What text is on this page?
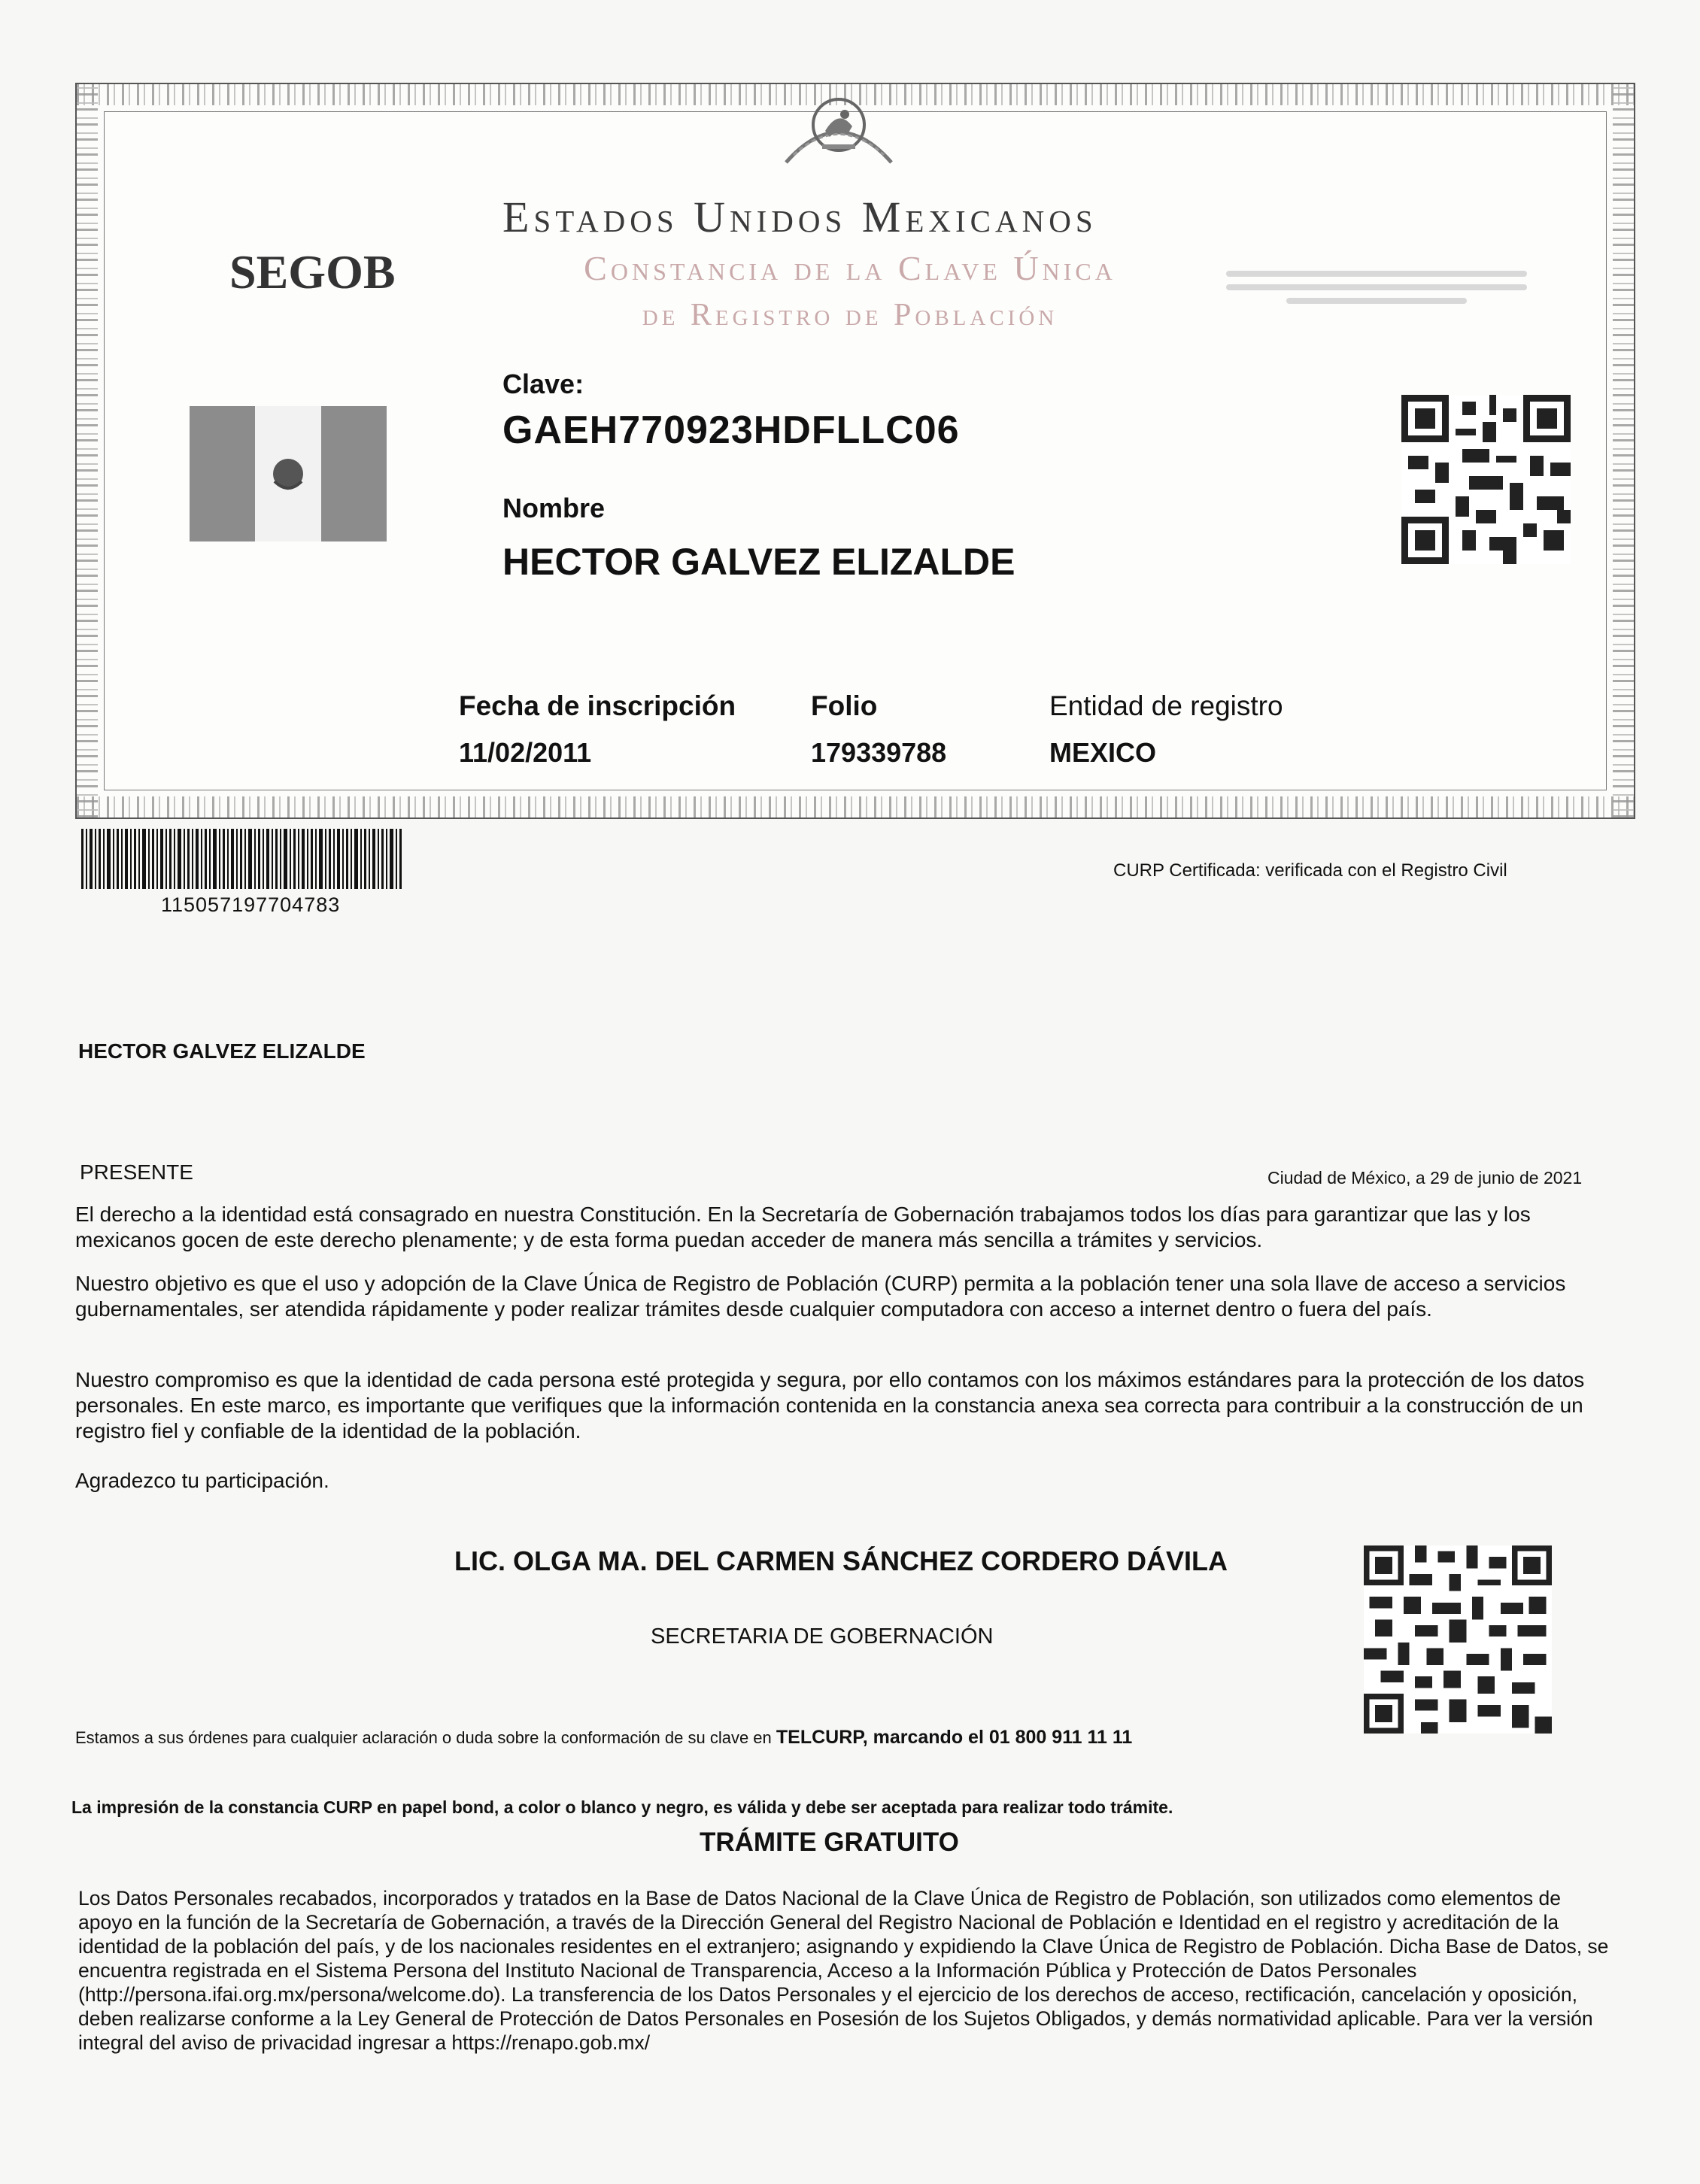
Estados Unidos Mexicanos
Constancia de la Clave Única
de Registro de Población
SEGOB
Clave:
GAEH770923HDFLLC06
Nombre
HECTOR GALVEZ ELIZALDE
Fecha de inscripción
11/02/2011
Folio
179339788
Entidad de registro
MEXICO
115057197704783
CURP Certificada: verificada con el Registro Civil
HECTOR GALVEZ ELIZALDE
PRESENTE	Ciudad de México, a 29 de junio de 2021
El derecho a la identidad está consagrado en nuestra Constitución. En la Secretaría de Gobernación trabajamos todos los días para garantizar que las y los mexicanos gocen de este derecho plenamente; y de esta forma puedan acceder de manera más sencilla a trámites y servicios.
Nuestro objetivo es que el uso y adopción de la Clave Única de Registro de Población (CURP) permita a la población tener una sola llave de acceso a servicios gubernamentales, ser atendida rápidamente y poder realizar trámites desde cualquier computadora con acceso a internet dentro o fuera del país.
Nuestro compromiso es que la identidad de cada persona esté protegida y segura, por ello contamos con los máximos estándares para la protección de los datos personales. En este marco, es importante que verifiques que la información contenida en la constancia anexa sea correcta para contribuir a la construcción de un registro fiel y confiable de la identidad de la población.
Agradezco tu participación.
LIC. OLGA MA. DEL CARMEN SÁNCHEZ CORDERO DÁVILA
SECRETARIA DE GOBERNACIÓN
Estamos a sus órdenes para cualquier aclaración o duda sobre la conformación de su clave en TELCURP, marcando el 01 800 911 11 11
La impresión de la constancia CURP en papel bond, a color o blanco y negro, es válida y debe ser aceptada para realizar todo trámite.
TRÁMITE GRATUITO
Los Datos Personales recabados, incorporados y tratados en la Base de Datos Nacional de la Clave Única de Registro de Población, son utilizados como elementos de apoyo en la función de la Secretaría de Gobernación, a través de la Dirección General del Registro Nacional de Población e Identidad en el registro y acreditación de la identidad de la población del país, y de los nacionales residentes en el extranjero; asignando y expidiendo la Clave Única de Registro de Población. Dicha Base de Datos, se encuentra registrada en el Sistema Persona del Instituto Nacional de Transparencia, Acceso a la Información Pública y Protección de Datos Personales (http://persona.ifai.org.mx/persona/welcome.do). La transferencia de los Datos Personales y el ejercicio de los derechos de acceso, rectificación, cancelación y oposición, deben realizarse conforme a la Ley General de Protección de Datos Personales en Posesión de los Sujetos Obligados, y demás normatividad aplicable. Para ver la versión integral del aviso de privacidad ingresar a https://renapo.gob.mx/
